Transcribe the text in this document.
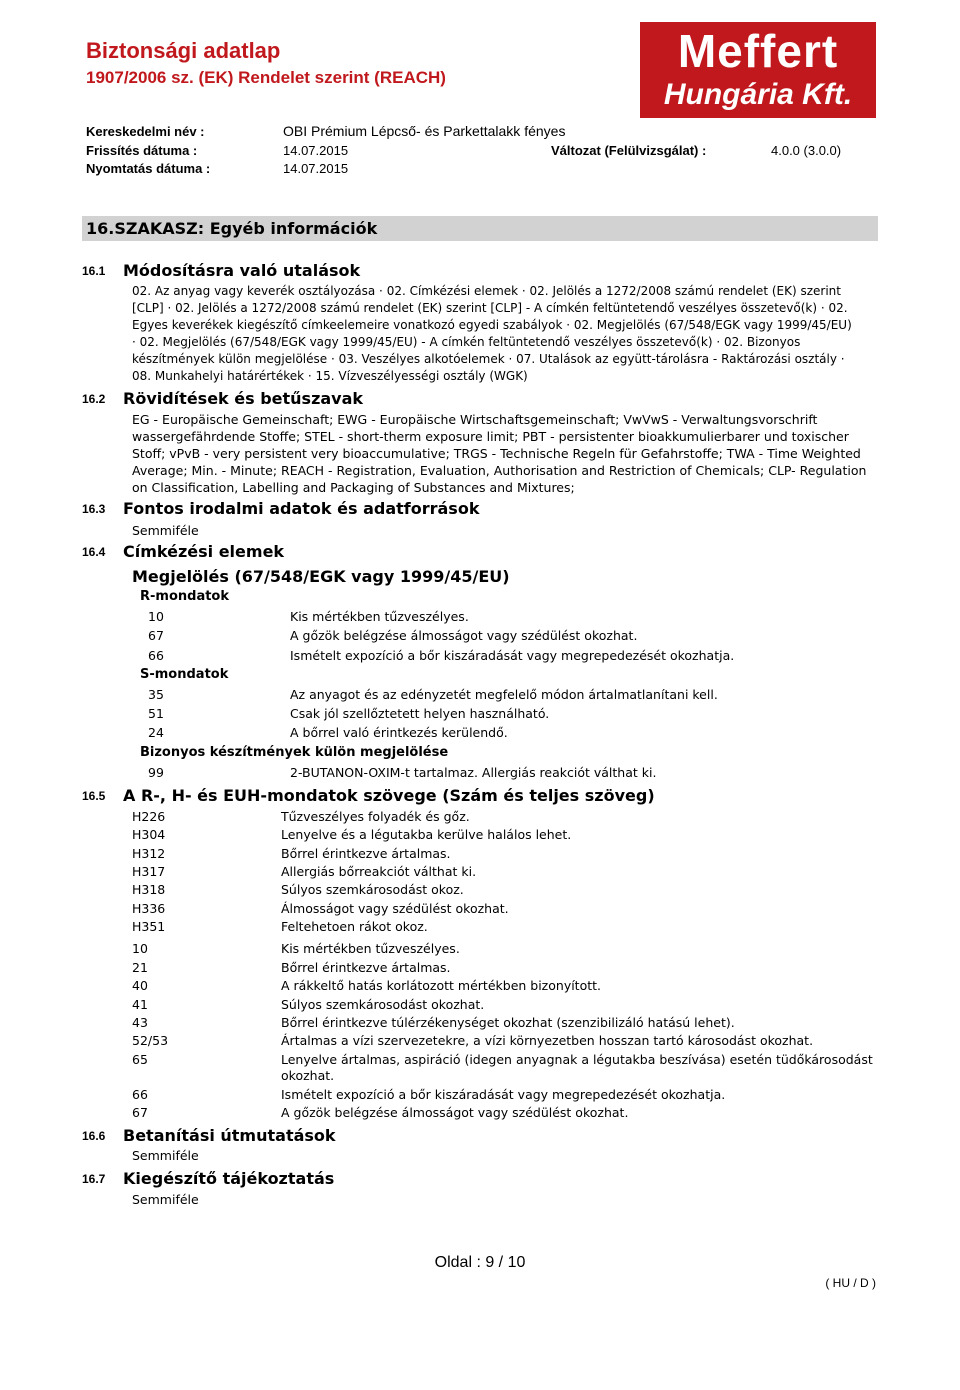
Biztonsági adatlap
1907/2006 sz. (EK) Rendelet szerint (REACH)
Meffert
Hungária Kft.
Kereskedelmi név :	OBI Prémium Lépcső- és Parkettalakk fényes
Frissítés dátuma :	14.07.2015	Változat (Felülvizsgálat) :	4.0.0 (3.0.0)
Nyomtatás dátuma :	14.07.2015
16.SZAKASZ: Egyéb információk
16.1 Módosításra való utalások
02. Az anyag vagy keverék osztályozása · 02. Címkézési elemek · 02. Jelölés a 1272/2008 számú rendelet (EK) szerint
[CLP] · 02. Jelölés a 1272/2008 számú rendelet (EK) szerint [CLP] - A címkén feltüntetendő veszélyes összetevő(k) · 02.
Egyes keverékek kiegészítő címkeelemeire vonatkozó egyedi szabályok · 02. Megjelölés (67/548/EGK vagy 1999/45/EU)
· 02. Megjelölés (67/548/EGK vagy 1999/45/EU) - A címkén feltüntetendő veszélyes összetevő(k) · 02. Bizonyos
készítmények külön megjelölése · 03. Veszélyes alkotóelemek · 07. Utalások az együtt-tárolásra - Raktározási osztály ·
08. Munkahelyi határértékek · 15. Vízveszélyességi osztály (WGK)
16.2 Rövidítések és betűszavak
EG - Europäische Gemeinschaft; EWG - Europäische Wirtschaftsgemeinschaft; VwVwS - Verwaltungsvorschrift
wassergefährdende Stoffe; STEL - short-therm exposure limit; PBT - persistenter bioakkumulierbarer und toxischer
Stoff; vPvB - very persistent very bioaccumulative; TRGS - Technische Regeln für Gefahrstoffe; TWA - Time Weighted
Average; Min. - Minute; REACH - Registration, Evaluation, Authorisation and Restriction of Chemicals; CLP- Regulation
on Classification, Labelling and Packaging of Substances and Mixtures;
16.3 Fontos irodalmi adatok és adatforrások
Semmiféle
16.4 Címkézési elemek
Megjelölés (67/548/EGK vagy 1999/45/EU)
R-mondatok
10	Kis mértékben tűzveszélyes.
67	A gőzök belégzése álmosságot vagy szédülést okozhat.
66	Ismételt expozíció a bőr kiszáradását vagy megrepedezését okozhatja.
S-mondatok
35	Az anyagot és az edényzetét megfelelő módon ártalmatlanítani kell.
51	Csak jól szellőztetett helyen használható.
24	A bőrrel való érintkezés kerülendő.
Bizonyos készítmények külön megjelölése
99	2-BUTANON-OXIM-t tartalmaz. Allergiás reakciót válthat ki.
16.5 A R-, H- és EUH-mondatok szövege (Szám és teljes szöveg)
H226	Tűzveszélyes folyadék és gőz.
H304	Lenyelve és a légutakba kerülve halálos lehet.
H312	Bőrrel érintkezve ártalmas.
H317	Allergiás bőrreakciót válthat ki.
H318	Súlyos szemkárosodást okoz.
H336	Álmosságot vagy szédülést okozhat.
H351	Feltehetoen rákot okoz.
10	Kis mértékben tűzveszélyes.
21	Bőrrel érintkezve ártalmas.
40	A rákkeltő hatás korlátozott mértékben bizonyított.
41	Súlyos szemkárosodást okozhat.
43	Bőrrel érintkezve túlérzékenységet okozhat (szenzibilizáló hatású lehet).
52/53	Ártalmas a vízi szervezetekre, a vízi környezetben hosszan tartó károsodást okozhat.
65	Lenyelve ártalmas, aspiráció (idegen anyagnak a légutakba beszívása) esetén tüdőkárosodást
okozhat.
66	Ismételt expozíció a bőr kiszáradását vagy megrepedezését okozhatja.
67	A gőzök belégzése álmosságot vagy szédülést okozhat.
16.6 Betanítási útmutatások
Semmiféle
16.7 Kiegészítő tájékoztatás
Semmiféle
Oldal : 9 / 10
( HU / D )
